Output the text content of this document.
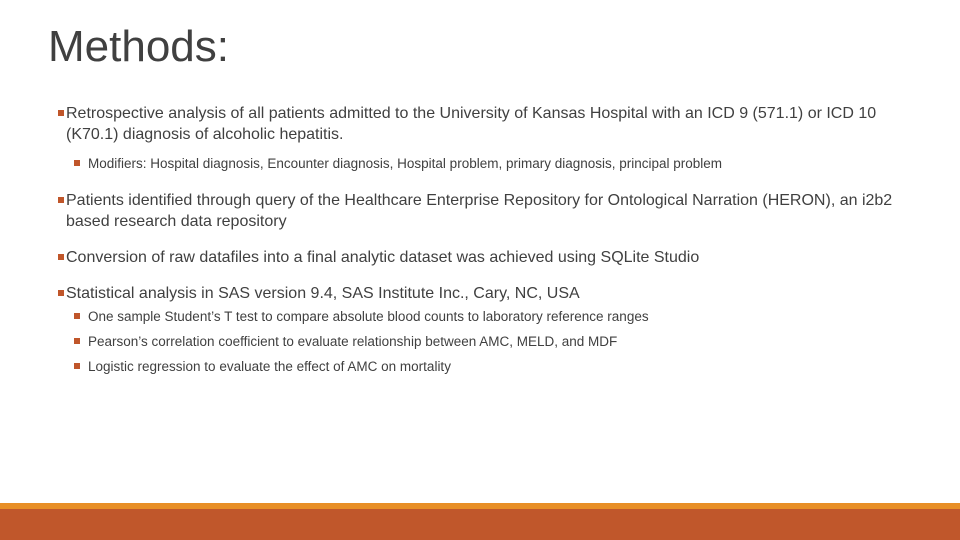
Methods:
Retrospective analysis of all patients admitted to the University of Kansas Hospital with an ICD 9 (571.1) or ICD 10 (K70.1) diagnosis of alcoholic hepatitis.
Modifiers: Hospital diagnosis, Encounter diagnosis, Hospital problem, primary diagnosis, principal problem
Patients identified through query of the Healthcare Enterprise Repository for Ontological Narration (HERON), an i2b2 based research data repository
Conversion of raw datafiles into a final analytic dataset was achieved using SQLite Studio
Statistical analysis in SAS version 9.4, SAS Institute Inc., Cary, NC, USA
One sample Student’s T test to compare absolute blood counts to laboratory reference ranges
Pearson’s correlation coefficient to evaluate relationship between AMC, MELD, and MDF
Logistic regression to evaluate the effect of AMC on mortality
